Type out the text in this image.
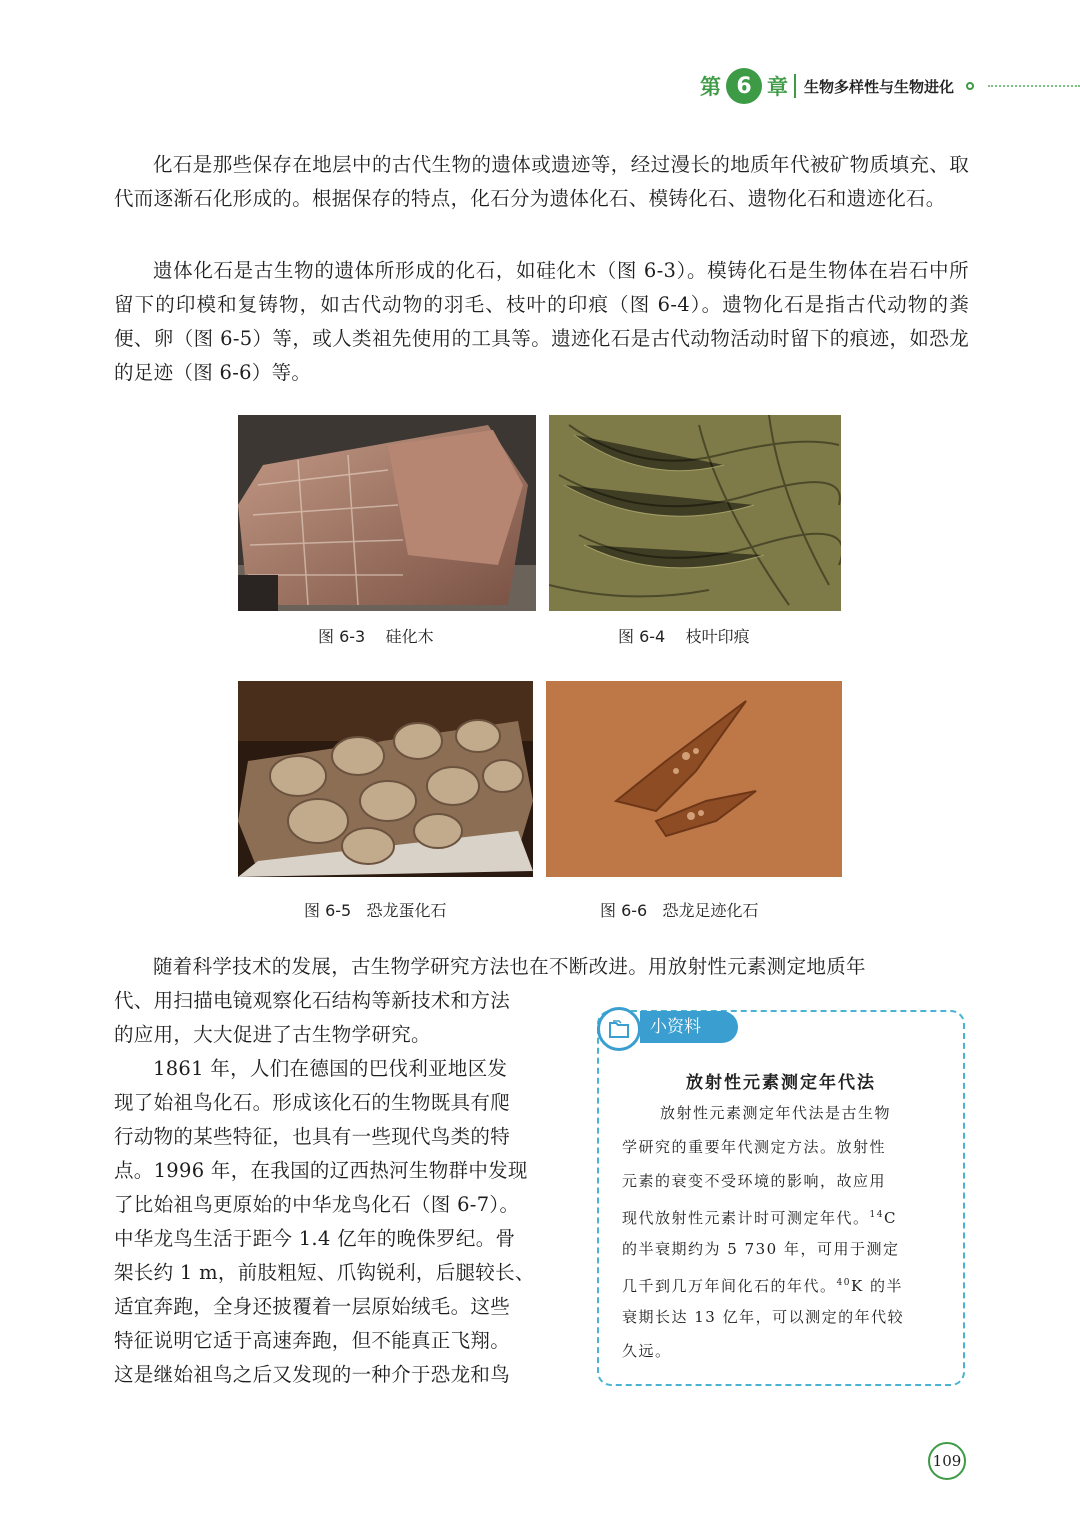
第 6 章 生物多样性与生物进化

化石是那些保存在地层中的古代生物的遗体或遗迹等，经过漫长的地质年代被矿物质填充、取代而逐渐石化形成的。根据保存的特点，化石分为遗体化石、模铸化石、遗物化石和遗迹化石。

遗体化石是古生物的遗体所形成的化石，如硅化木（图 6-3）。模铸化石是生物体在岩石中所留下的印模和复铸物，如古代动物的羽毛、枝叶的印痕（图 6-4）。遗物化石是指古代动物的粪便、卵（图 6-5）等，或人类祖先使用的工具等。遗迹化石是古代动物活动时留下的痕迹，如恐龙的足迹（图 6-6）等。

图 6-3 硅化木	图 6-4 枝叶印痕
图 6-5 恐龙蛋化石	图 6-6 恐龙足迹化石
随着科学技术的发展，古生物学研究方法也在不断改进。用放射性元素测定地质年
代、用扫描电镜观察化石结构等新技术和方法
的应用，大大促进了古生物学研究。
1861 年，人们在德国的巴伐利亚地区发
现了始祖鸟化石。形成该化石的生物既具有爬
行动物的某些特征，也具有一些现代鸟类的特
点。1996 年，在我国的辽西热河生物群中发现
了比始祖鸟更原始的中华龙鸟化石（图 6-7）。
中华龙鸟生活于距今 1.4 亿年的晚侏罗纪。骨
架长约 1 m，前肢粗短、爪钩锐利，后腿较长、
适宜奔跑，全身还披覆着一层原始绒毛。这些
特征说明它适于高速奔跑，但不能真正飞翔。
这是继始祖鸟之后又发现的一种介于恐龙和鸟
小资料
放射性元素测定年代法
放射性元素测定年代法是古生物
学研究的重要年代测定方法。放射性
元素的衰变不受环境的影响，故应用
现代放射性元素计时可测定年代。$^{14}$C
的半衰期约为 5 730 年，可用于测定
几千到几万年间化石的年代。$^{40}$K 的半
衰期长达 13 亿年，可以测定的年代较
久远。
109
